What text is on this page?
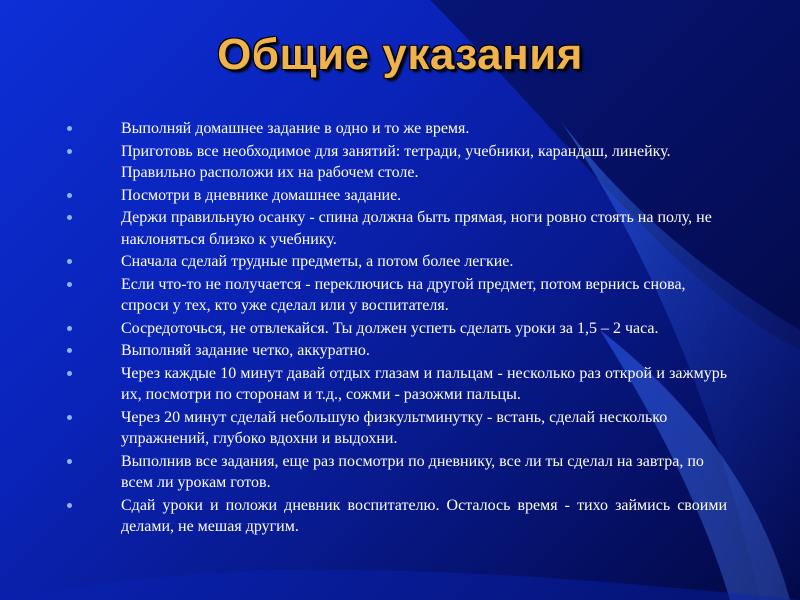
Общие указания
Выполняй домашнее задание в одно и то же время.
Приготовь все необходимое для занятий: тетради, учебники, карандаш, линейку. Правильно расположи их на рабочем столе.
Посмотри в дневнике домашнее задание.
Держи правильную осанку - спина должна быть прямая, ноги ровно стоять на полу, не наклоняться близко к учебнику.
Сначала сделай трудные предметы, а потом более легкие.
Если что-то не получается - переключись на другой предмет, потом вернись снова, спроси у тех, кто уже сделал или у воспитателя.
Сосредоточься, не отвлекайся. Ты должен успеть сделать уроки за 1,5 – 2 часа.
Выполняй задание четко, аккуратно.
Через каждые 10 минут давай отдых глазам и пальцам - несколько раз открой и зажмурь их, посмотри по сторонам и т.д., сожми - разожми пальцы.
Через 20 минут сделай небольшую физкультминутку - встань, сделай несколько упражнений, глубоко вдохни и выдохни.
Выполнив все задания, еще раз посмотри по дневнику, все ли ты сделал на завтра, по всем ли урокам готов.
Сдай уроки и положи дневник воспитателю. Осталось время - тихо займись своими делами, не мешая другим.
